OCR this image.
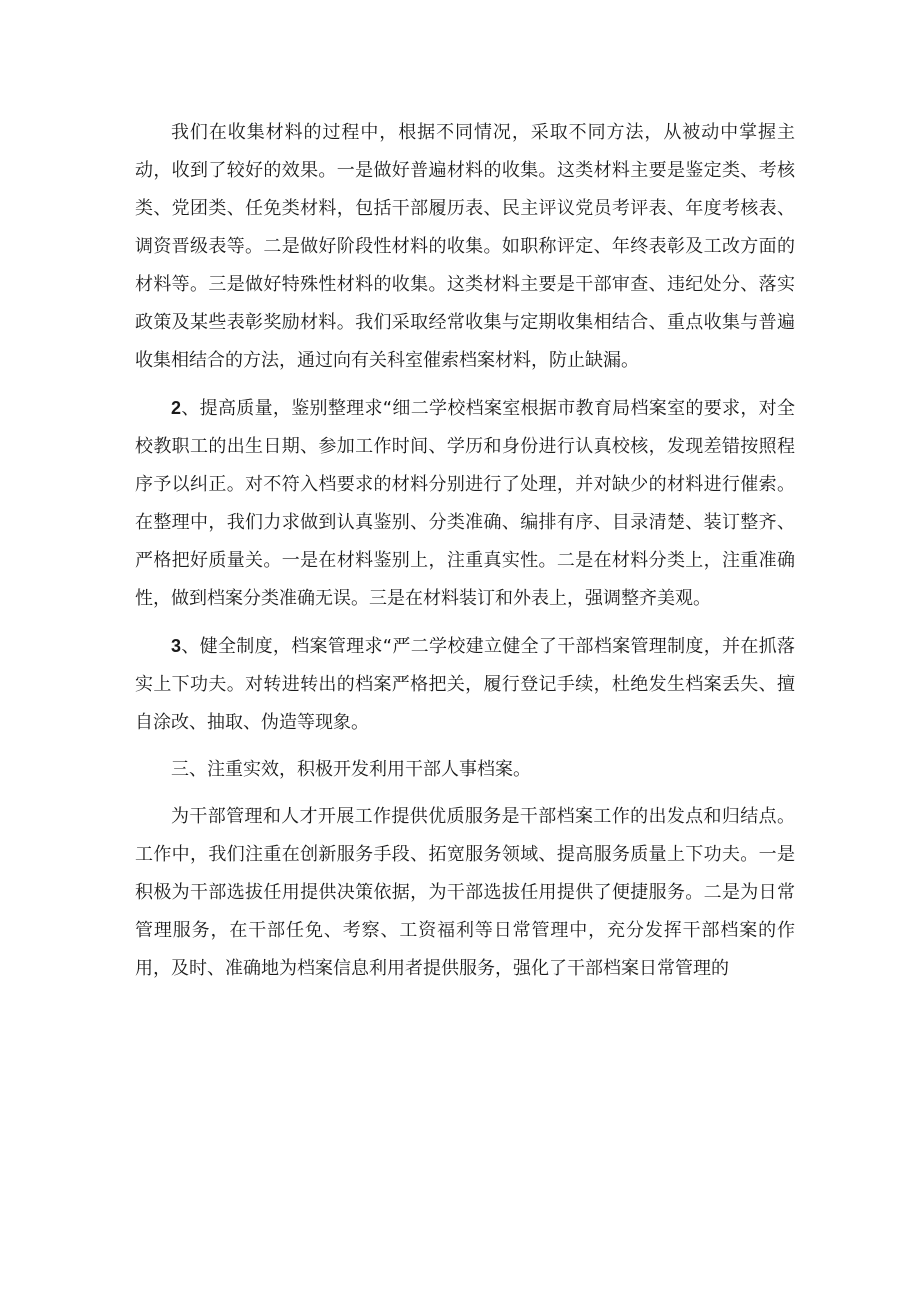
我们在收集材料的过程中，根据不同情况，采取不同方法，从被动中掌握主动，收到了较好的效果。一是做好普遍材料的收集。这类材料主要是鉴定类、考核类、党团类、任免类材料，包括干部履历表、民主评议党员考评表、年度考核表、调资晋级表等。二是做好阶段性材料的收集。如职称评定、年终表彰及工改方面的材料等。三是做好特殊性材料的收集。这类材料主要是干部审查、违纪处分、落实政策及某些表彰奖励材料。我们采取经常收集与定期收集相结合、重点收集与普遍收集相结合的方法，通过向有关科室催索档案材料，防止缺漏。

2、提高质量，鉴别整理求“细二学校档案室根据市教育局档案室的要求，对全校教职工的出生日期、参加工作时间、学历和身份进行认真校核，发现差错按照程序予以纠正。对不符入档要求的材料分别进行了处理，并对缺少的材料进行催索。在整理中，我们力求做到认真鉴别、分类准确、编排有序、目录清楚、装订整齐、严格把好质量关。一是在材料鉴别上，注重真实性。二是在材料分类上，注重准确性，做到档案分类准确无误。三是在材料装订和外表上，强调整齐美观。

3、健全制度，档案管理求“严二学校建立健全了干部档案管理制度，并在抓落实上下功夫。对转进转出的档案严格把关，履行登记手续，杜绝发生档案丢失、擅自涂改、抽取、伪造等现象。

三、注重实效，积极开发利用干部人事档案。

为干部管理和人才开展工作提供优质服务是干部档案工作的出发点和归结点。工作中，我们注重在创新服务手段、拓宽服务领域、提高服务质量上下功夫。一是积极为干部选拔任用提供决策依据，为干部选拔任用提供了便捷服务。二是为日常管理服务，在干部任免、考察、工资福利等日常管理中，充分发挥干部档案的作用，及时、准确地为档案信息利用者提供服务，强化了干部档案日常管理的
